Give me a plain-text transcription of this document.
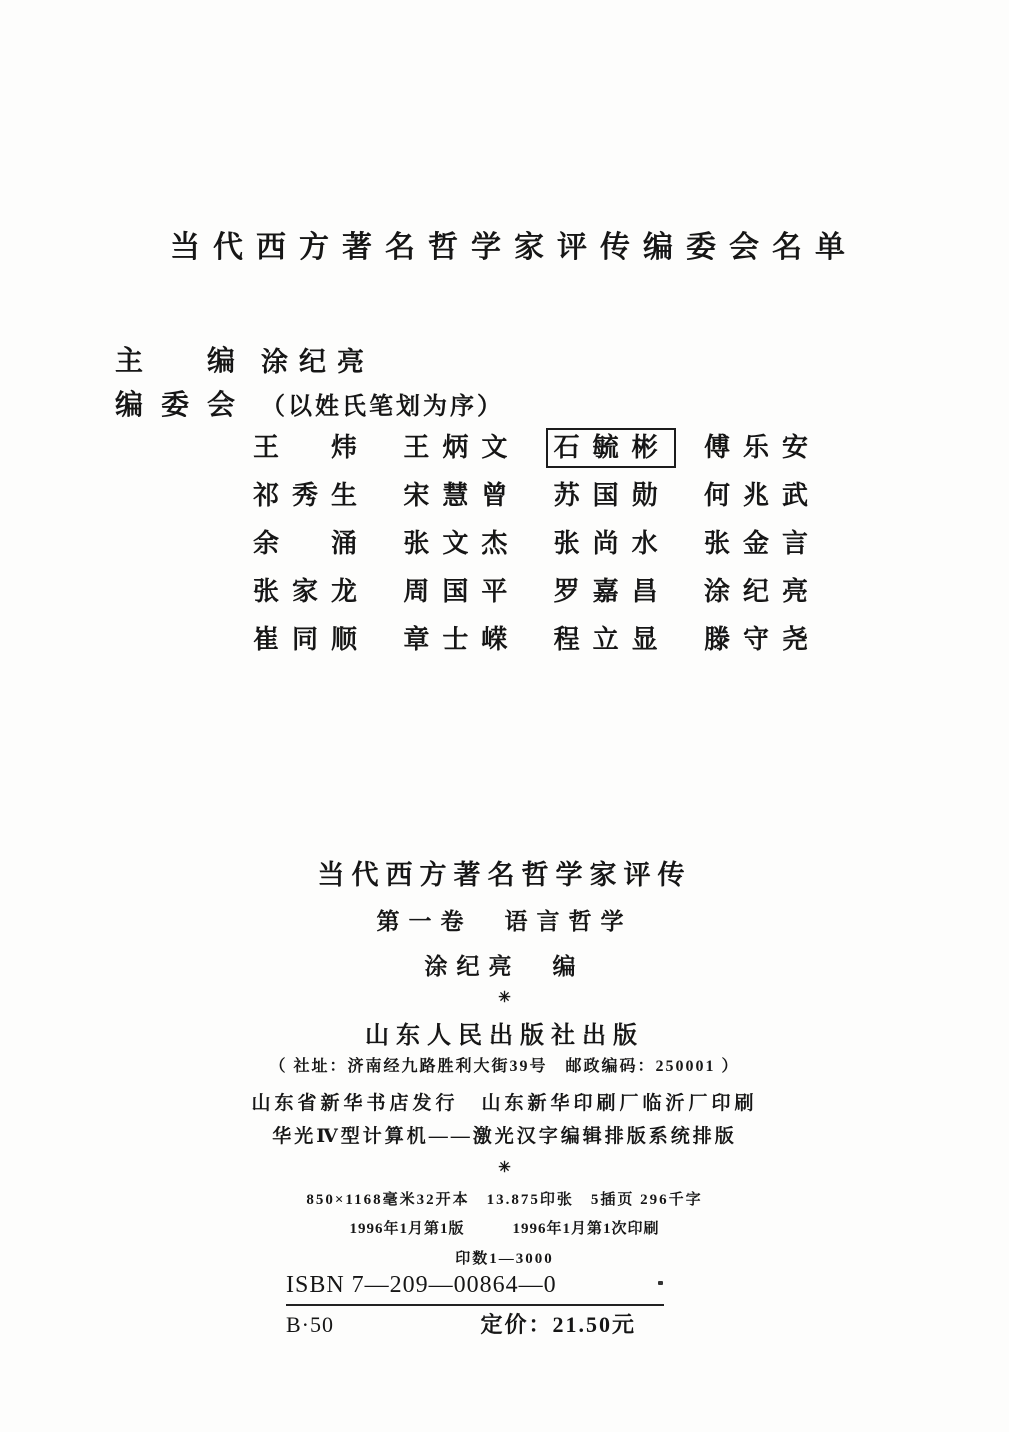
当代西方著名哲学家评传编委会名单
主编 涂纪亮
编委会 （以姓氏笔划为序）
王　炜 王炳文	石毓彬 傅乐安
祁秀生 宋慧曾 苏国勋 何兆武
余　涌 张文杰 张尚水 张金言
张家龙 周国平 罗嘉昌 涂纪亮
崔同顺 章士嵘 程立显 滕守尧
当代西方著名哲学家评传
第一卷　语言哲学
涂纪亮　编
✳
山东人民出版社出版
（ 社址：济南经九路胜利大街39号　邮政编码：250001 ）
山东省新华书店发行　山东新华印刷厂临沂厂印刷
华光Ⅳ型计算机——激光汉字编辑排版系统排版
✳
850×1168毫米32开本　13.875印张　5插页 296千字
1996年1月第1版	1996年1月第1次印刷
印数1—3000
ISBN 7—209—00864—0
B·50	定价：21.50元
